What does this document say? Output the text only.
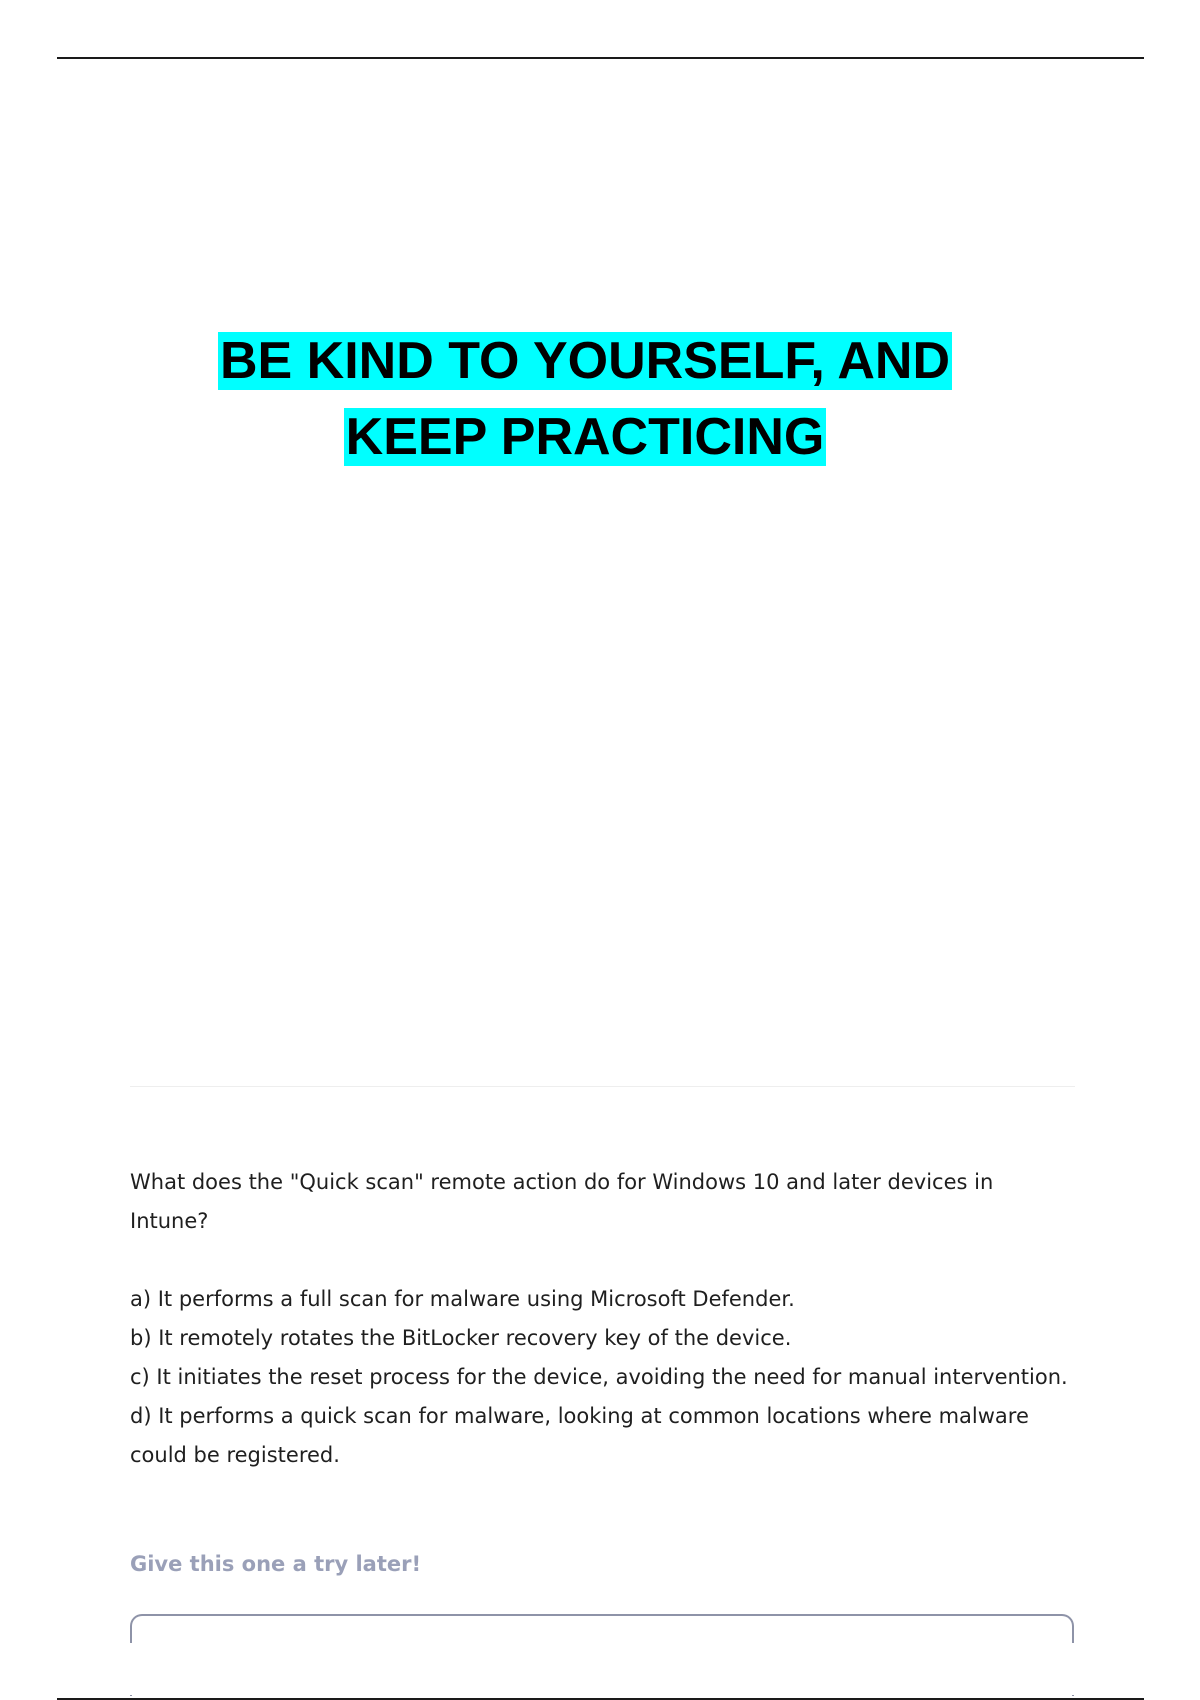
BE KIND TO YOURSELF, AND
KEEP PRACTICING

What does the "Quick scan" remote action do for Windows 10 and later devices in Intune?

a) It performs a full scan for malware using Microsoft Defender.

b) It remotely rotates the BitLocker recovery key of the device.

c) It initiates the reset process for the device, avoiding the need for manual intervention.

d) It performs a quick scan for malware, looking at common locations where malware could be registered.

Give this one a try later!
